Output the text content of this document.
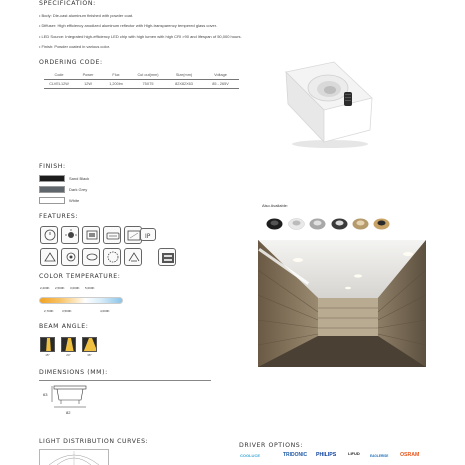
SPECIFICATION:
• Body: Die-cast aluminum finished with powder coat.
• Diffuser: High efficiency anodized aluminum reflector with High-transparency tempered glass cover.
• LED Source: Integrated high-efficiency LED chip with high lumen with high CRI >90 and lifespan of 50,000 hours.
• Finish: Powder coated in various color.
ORDERING CODE:
Code	Power	Flux	Cut out(mm)	Size(mm)	Voltage
CLVEL12W	12W	1,200lm	75X75	82X82X63	85 - 265V
FINISH:
Sand Black
Dark Grey
White
FEATURES:
IP
COLOR TEMPERATURE:
2,200K 2,500K 3,000K 5,000K
2,700K	3,500K	4,000K
BEAM ANGLE:
15°	24°	36°
DIMENSIONS (MM):
63
82
LIGHT DISTRIBUTION CURVES:
Also Available:
DRIVER OPTIONS:
COOLUCE	TRIDONIC PHILIPS	LIFUD	EAGLERISE OSRAM
